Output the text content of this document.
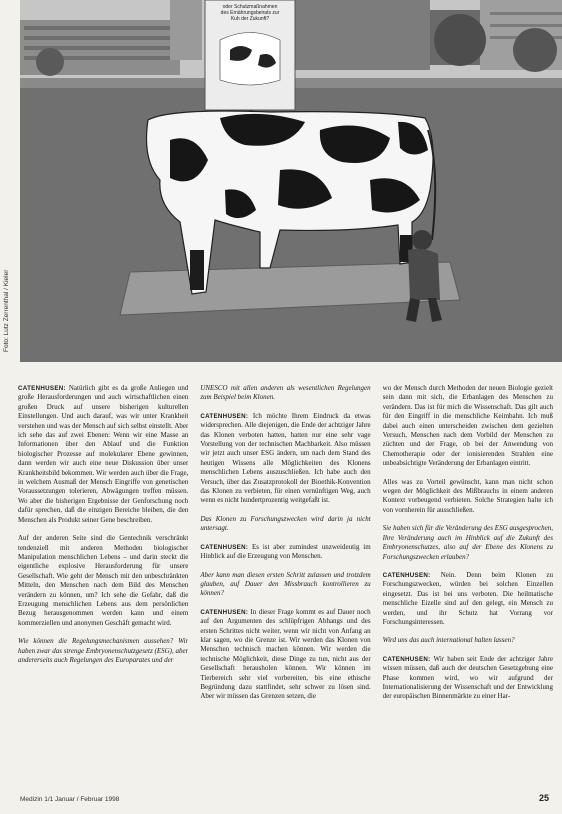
oder Schutzmaßnahmen
des Ernährungsbeirats zur
Kuh der Zukunft?
Foto: Lutz Zerrenthal / Kieler

CATENHUSEN: Natürlich gibt es da große Anliegen und große Herausforderungen und auch wirtschaftlichen einen großen Druck auf unsere bisherigen kulturellen Einstellungen. Und auch darauf, was wir unter Krankheit verstehen und was der Mensch auf sich selbst einstellt. Aber ich sehe das auf zwei Ebenen: Wenn wir eine Masse an Informationen über den Ablauf und die Funktion biologischer Prozesse auf molekularer Ebene gewinnen, dann werden wir auch eine neue Diskussion über unser Krankheitsbild bekommen. Wir werden auch über die Frage, in welchem Ausmaß der Mensch Eingriffe von genetischen Voraussetzungen tolerieren, Abwägungen treffen müssen. Wo aber die bisherigen Ergebnisse der Genforschung noch dafür sprechen, daß die einzigen Bereiche bleiben, die den Menschen als Produkt seiner Gene beschreiben.

Auf der anderen Seite sind die Gentechnik verschränkt tendenziell mit anderen Methoden biologischer Manipulation menschlichen Lebens – und darin steckt die eigentliche explosive Herausforderung für unsere Gesellschaft. Wie geht der Mensch mit den unbeschränkten Mitteln, den Menschen nach dem Bild des Menschen verändern zu können, um? Ich sehe die Gefahr, daß die Erzeugung menschlichen Lebens aus dem persönlichen Bezug herausgenommen werden kann und einem kommerziellen und anonymen Geschäft gemacht wird.

Wie können die Regelungsmechanismen aussehen? Wir haben zwar das strenge Embryonenschutzgesetz (ESG), aber andererseits auch Regelungen des Europarates und der

UNESCO mit allen anderen als wesentlichen Regelungen zum Beispiel beim Klonen.

CATENHUSEN: Ich möchte Ihrem Eindruck da etwas widersprechen. Alle diejenigen, die Ende der achtziger Jahre das Klonen verboten hatten, hatten nur eine sehr vage Vorstellung von der technischen Machbarkeit. Also müssen wir jetzt auch unser ESG ändern, um nach dem Stand des heutigen Wissens alle Möglichkeiten des Klonens menschlichen Lebens auszuschließen. Ich habe auch den Versuch, über das Zusatzprotokoll der Bioethik-Konvention das Klonen zu verbieten, für einen vernünftigen Weg, auch wenn es nicht hundertprozentig weitgefaßt ist.

Das Klonen zu Forschungszwecken wird darin ja nicht untersagt.

CATENHUSEN: Es ist aber zumindest unzweideutig im Hinblick auf die Erzeugung von Menschen.

Aber kann man diesen ersten Schritt zulassen und trotzdem glauben, auf Dauer den Missbrauch kontrollieren zu können?

CATENHUSEN: In dieser Frage kommt es auf Dauer noch auf den Argumenten des schlüpfrigen Abhangs und des ersten Schrittes nicht weiter, wenn wir nicht von Anfang an klar sagen, wo die Grenze ist. Wir werden das Klonen von Menschen technisch machen können. Wir werden die technische Möglichkeit, diese Dinge zu tun, nicht aus der Gesellschaft herausholen können. Wir können im Tierbereich sehr viel vorbereiten, bis eine ethische Begründung dazu stattfindet, sehr schwer zu lösen sind. Aber wir müssen das Grenzen setzen, die

wo der Mensch durch Methoden der neuen Biologie gezielt sein dann mit sich, die Erbanlagen des Menschen zu verändern. Das ist für mich die Wissenschaft. Das gilt auch für den Eingriff in die menschliche Keimbahn. Ich muß dabei auch einen unterscheiden zwischen dem gezielten Versuch, Menschen nach dem Vorbild der Menschen zu züchten und der Frage, ob bei der Anwendung von Chemotherapie oder der ionisierenden Strahlen eine unbeabsichtigte Veränderung der Erbanlagen eintritt.

Alles was zu Vorteil gewünscht, kann man nicht schon wegen der Möglichkeit des Mißbrauchs in einem anderen Kontext vorbeugend verbieten. Solche Strategien halte ich von vornherein für ausschließen.

Sie haben sich für die Veränderung des ESG ausgesprochen, Ihre Veränderung auch im Hinblick auf die Zukunft des Embryonenschutzes, also auf der Ebene des Klonens zu Forschungszwecken erlauben?

CATENHUSEN: Nein. Denn beim Klonen zu Forschungszwecken, würden bei solchen Einzellen eingesetzt. Das ist bei uns verboten. Die heilmatische menschliche Eizelle sind auf den gelegt, ein Mensch zu werden, und ihr Schutz hat Vorrang vor Forschungsinteressen.

Wird uns das auch international halten lassen?

CATENHUSEN: Wir haben seit Ende der achtziger Jahre wissen müssen, daß auch der deutschen Gesetzgebung eine Phase kommen wird, wo wir aufgrund der Internationalisierung der Wissenschaft und der Entwicklung der europäischen Binnenmärkte zu einer Har-

Medizin 1/1 Januar / Februar 1998	25
